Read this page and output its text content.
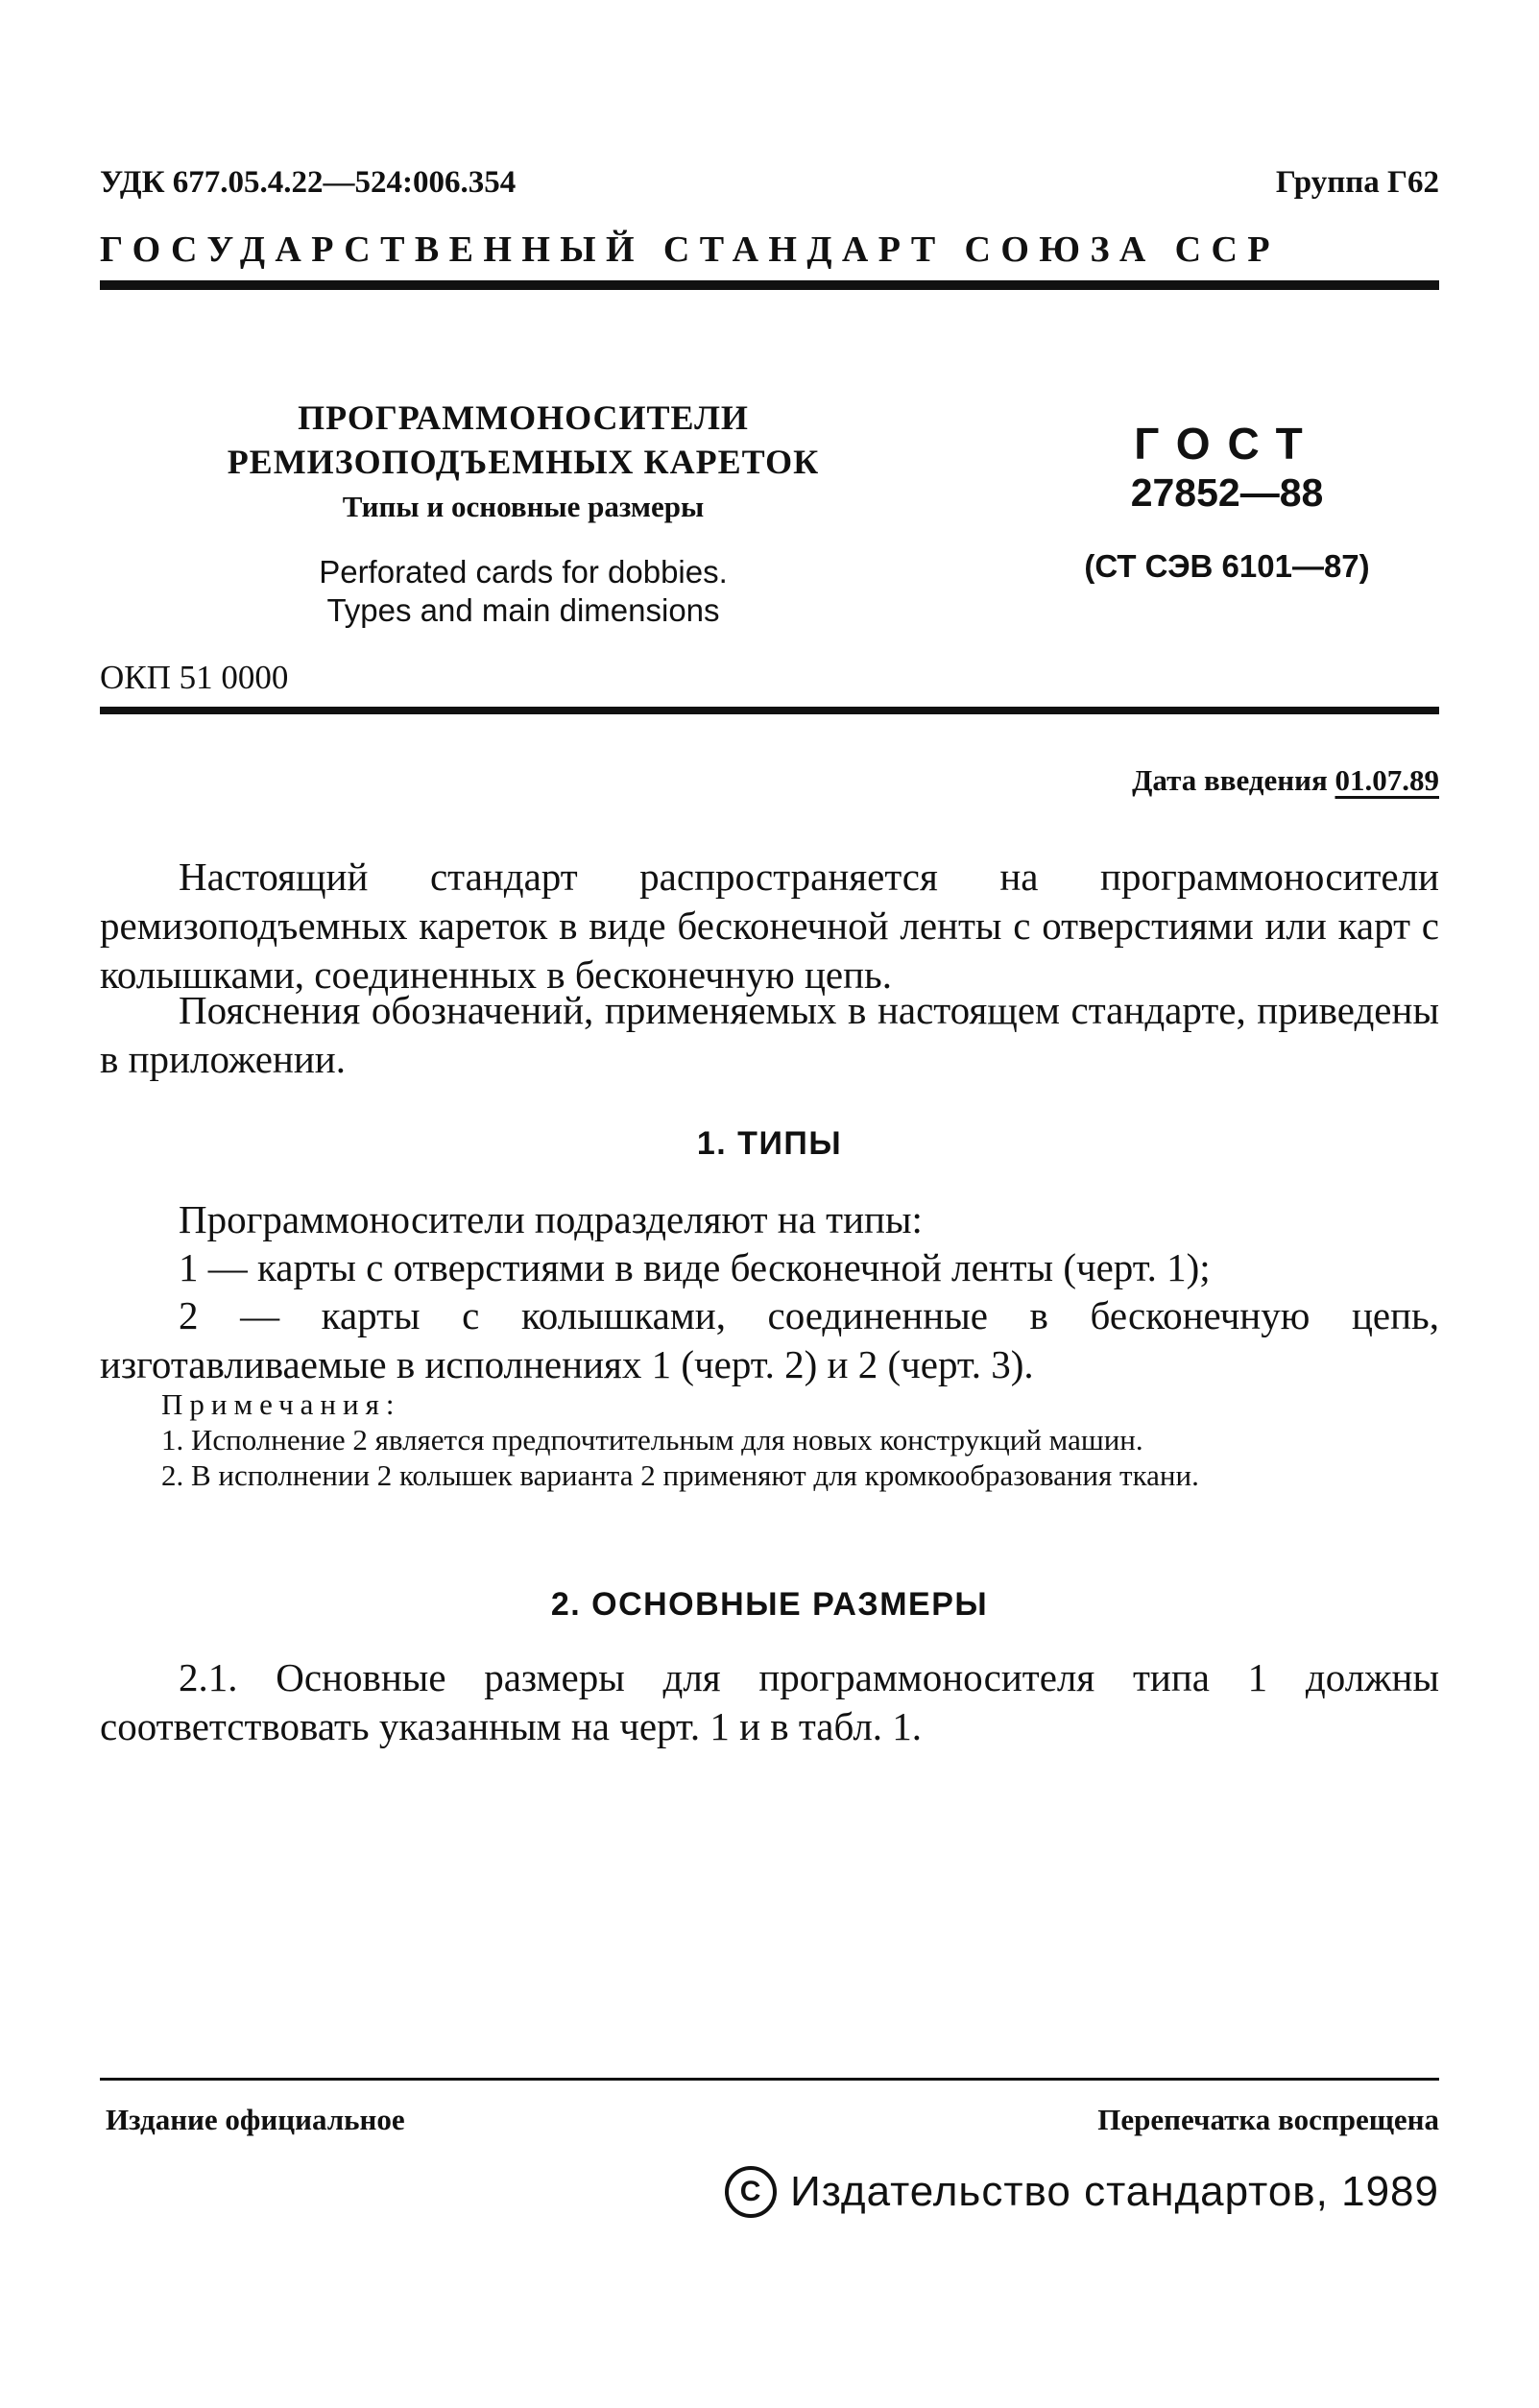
УДК 677.05.4.22—524:006.354	Группа Г62
ГОСУДАРСТВЕННЫЙ СТАНДАРТ СОЮЗА ССР
ПРОГРАММОНОСИТЕЛИ
РЕМИЗОПОДЪЕМНЫХ КАРЕТОК
Типы и основные размеры
Perforated cards for dobbies.
Types and main dimensions
ГОСТ
27852—88
(СТ СЭВ 6101—87)
ОКП 51 0000
Дата введения 01.07.89
Настоящий стандарт распространяется на программоносители ремизоподъемных кареток в виде бесконечной ленты с отверстиями или карт с колышками, соединенных в бесконечную цепь.
Пояснения обозначений, применяемых в настоящем стандарте, приведены в приложении.
1. ТИПЫ
Программоносители подразделяют на типы:
1 — карты с отверстиями в виде бесконечной ленты (черт. 1);
2 — карты с колышками, соединенные в бесконечную цепь, изготавливаемые в исполнениях 1 (черт. 2) и 2 (черт. 3).
Примечания:
1. Исполнение 2 является предпочтительным для новых конструкций машин.
2. В исполнении 2 колышек варианта 2 применяют для кромкообразования ткани.
2. ОСНОВНЫЕ РАЗМЕРЫ
2.1. Основные размеры для программоносителя типа 1 должны соответствовать указанным на черт. 1 и в табл. 1.
Издание официальное	Перепечатка воспрещена
C Издательство стандартов, 1989
